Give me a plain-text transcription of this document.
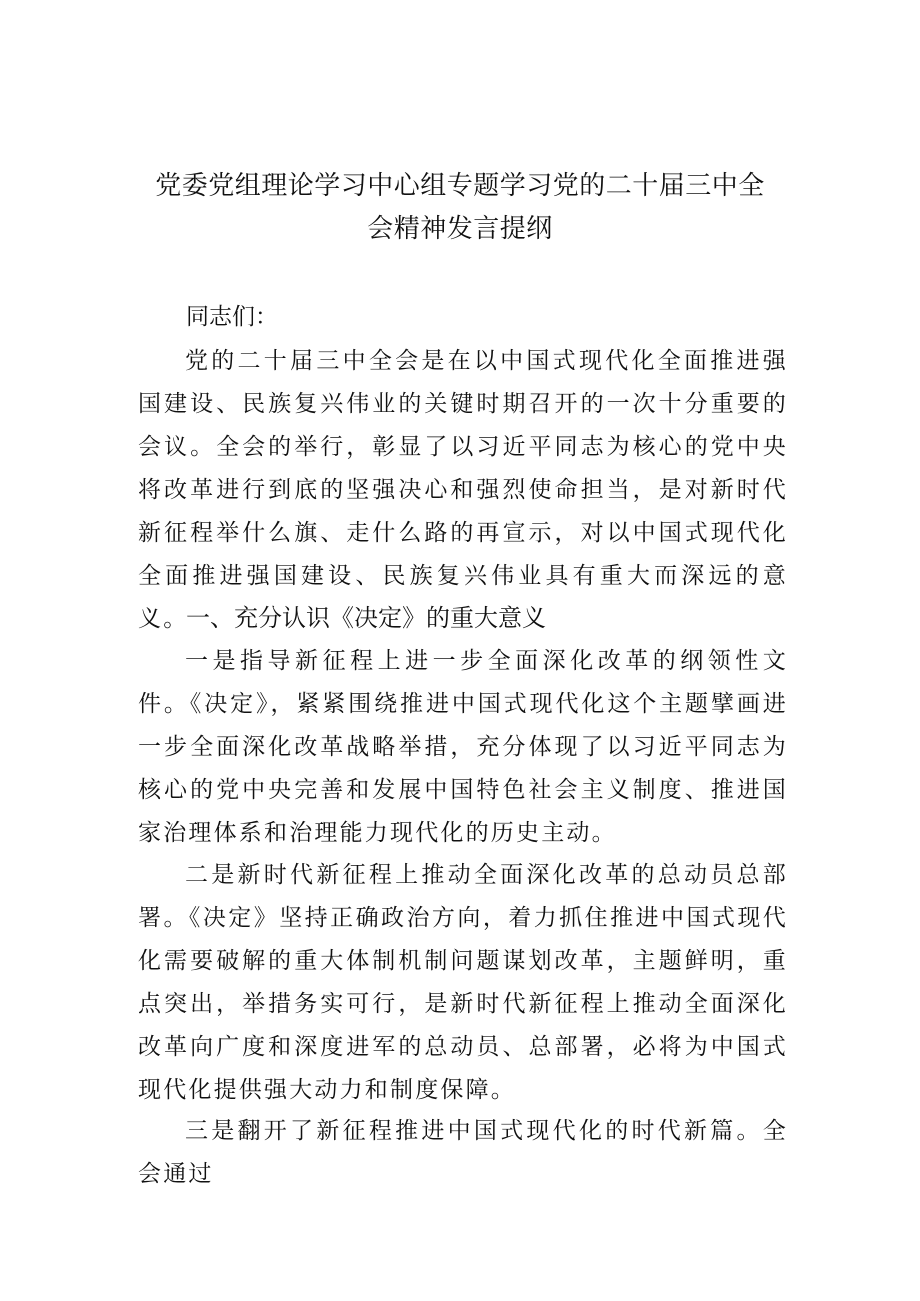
党委党组理论学习中心组专题学习党的二十届三中全
会精神发言提纲
同志们：

党的二十届三中全会是在以中国式现代化全面推进强国建设、民族复兴伟业的关键时期召开的一次十分重要的会议。全会的举行，彰显了以习近平同志为核心的党中央将改革进行到底的坚强决心和强烈使命担当，是对新时代新征程举什么旗、走什么路的再宣示，对以中国式现代化全面推进强国建设、民族复兴伟业具有重大而深远的意义。

一、充分认识《决定》的重大意义

一是指导新征程上进一步全面深化改革的纲领性文件。《决定》，紧紧围绕推进中国式现代化这个主题擘画进一步全面深化改革战略举措，充分体现了以习近平同志为核心的党中央完善和发展中国特色社会主义制度、推进国家治理体系和治理能力现代化的历史主动。

二是新时代新征程上推动全面深化改革的总动员总部署。《决定》坚持正确政治方向，着力抓住推进中国式现代化需要破解的重大体制机制问题谋划改革，主题鲜明，重点突出，举措务实可行，是新时代新征程上推动全面深化改革向广度和深度进军的总动员、总部署，必将为中国式现代化提供强大动力和制度保障。

三是翻开了新征程推进中国式现代化的时代新篇。全会通过
